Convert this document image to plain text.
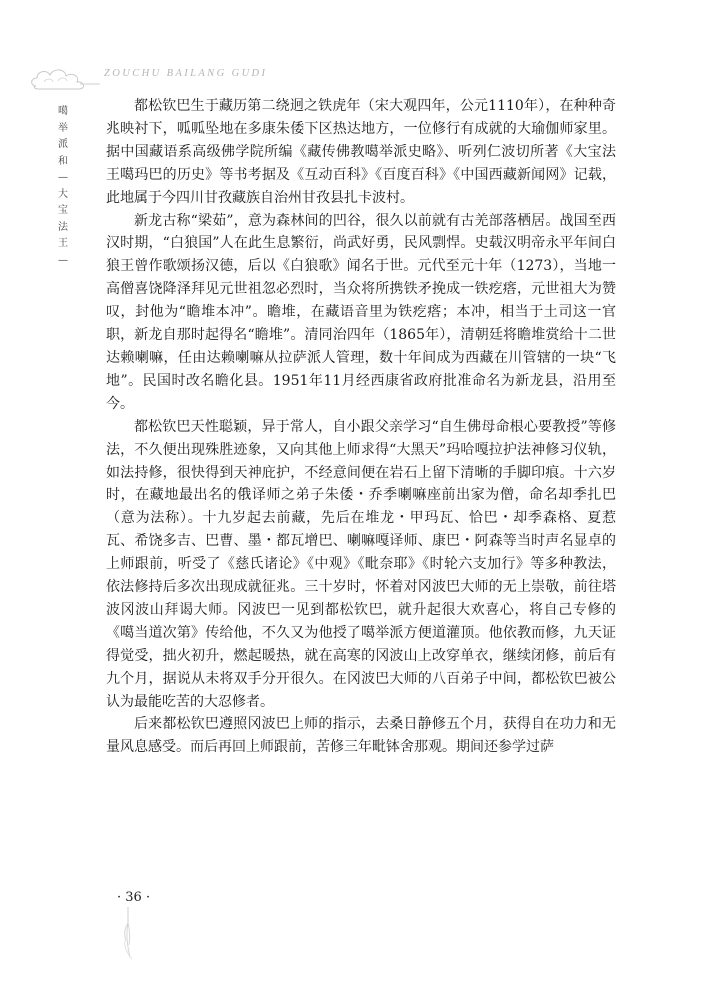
ZOUCHU BAILANG GUDI
噶
举
派
和
—
大
宝
法
王
—

都松钦巴生于藏历第二绕迥之铁虎年（宋大观四年，公元1110年），在种种奇兆映衬下，呱呱坠地在多康朱倭下区热达地方，一位修行有成就的大瑜伽师家里。据中国藏语系高级佛学院所编《藏传佛教噶举派史略》、听列仁波切所著《大宝法王噶玛巴的历史》等书考据及《互动百科》《百度百科》《中国西藏新闻网》记载，此地属于今四川甘孜藏族自治州甘孜县扎卡波村。

新龙古称“梁茹”，意为森林间的凹谷，很久以前就有古羌部落栖居。战国至西汉时期，“白狼国”人在此生息繁衍，尚武好勇，民风剽悍。史载汉明帝永平年间白狼王曾作歌颂扬汉德，后以《白狼歌》闻名于世。元代至元十年（1273），当地一高僧喜饶降泽拜见元世祖忽必烈时，当众将所携铁矛挽成一铁疙瘩，元世祖大为赞叹，封他为“瞻堆本冲”。瞻堆，在藏语音里为铁疙瘩；本冲，相当于土司这一官职，新龙自那时起得名“瞻堆”。清同治四年（1865年），清朝廷将瞻堆赏给十二世达赖喇嘛，任由达赖喇嘛从拉萨派人管理，数十年间成为西藏在川管辖的一块“飞地”。民国时改名瞻化县。1951年11月经西康省政府批准命名为新龙县，沿用至今。

都松钦巴天性聪颖，异于常人，自小跟父亲学习“自生佛母命根心要教授”等修法，不久便出现殊胜迹象，又向其他上师求得“大黑天”玛哈嘎拉护法神修习仪轨，如法持修，很快得到天神庇护，不经意间便在岩石上留下清晰的手脚印痕。十六岁时，在藏地最出名的俄译师之弟子朱倭・乔季喇嘛座前出家为僧，命名却季扎巴（意为法称）。十九岁起去前藏，先后在堆龙・甲玛瓦、恰巴・却季森格、夏惹瓦、希饶多吉、巴曹、墨・都瓦增巴、喇嘛嘎译师、康巴・阿森等当时声名显卓的上师跟前，听受了《慈氏诸论》《中观》《毗奈耶》《时轮六支加行》等多种教法，依法修持后多次出现成就征兆。三十岁时，怀着对冈波巴大师的无上崇敬，前往塔波冈波山拜谒大师。冈波巴一见到都松钦巴，就升起很大欢喜心，将自己专修的《噶当道次第》传给他，不久又为他授了噶举派方便道灌顶。他依教而修，九天证得觉受，拙火初升，燃起暖热，就在高寒的冈波山上改穿单衣，继续闭修，前后有九个月，据说从未将双手分开很久。在冈波巴大师的八百弟子中间，都松钦巴被公认为最能吃苦的大忍修者。

后来都松钦巴遵照冈波巴上师的指示，去桑日静修五个月，获得自在功力和无量风息感受。而后再回上师跟前，苦修三年毗钵舍那观。期间还参学过萨

· 36 ·
